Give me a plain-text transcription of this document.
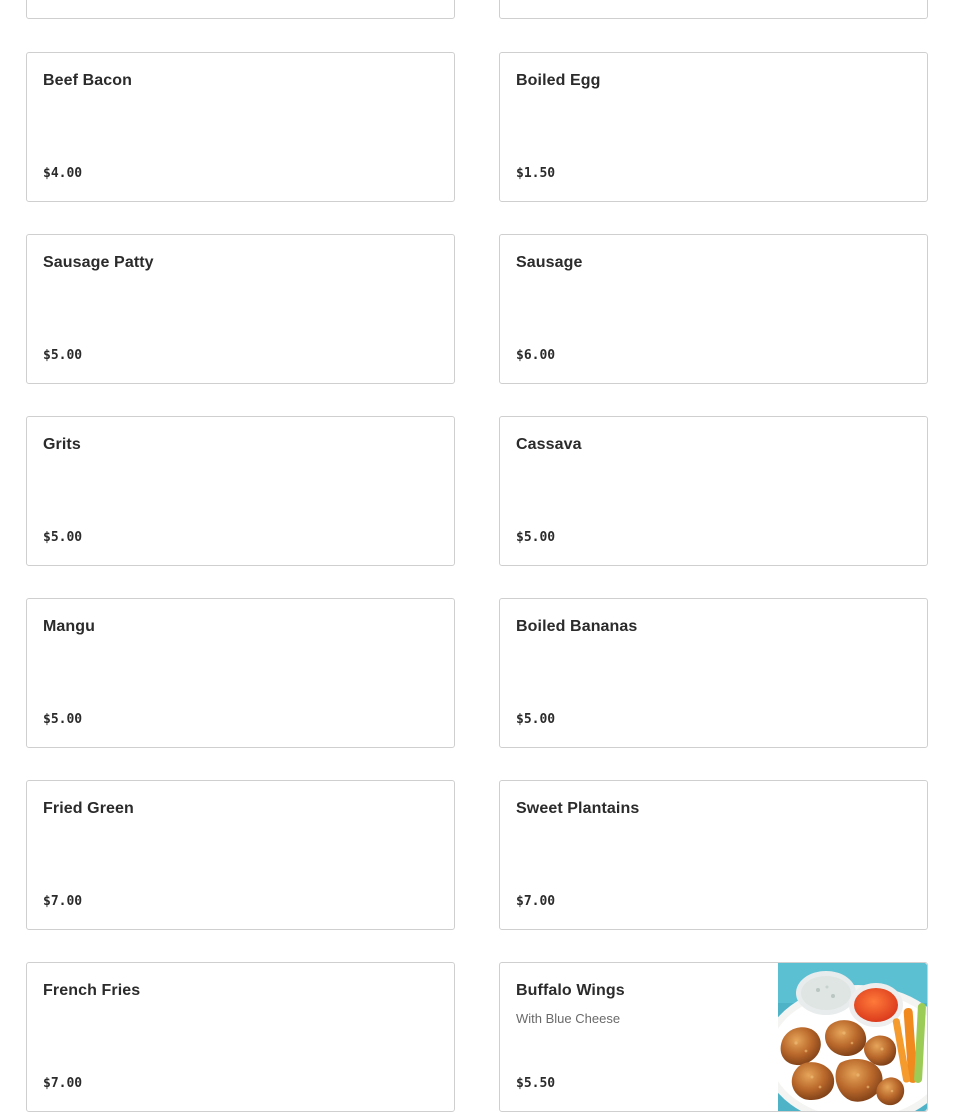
Beef Bacon
$4.00
Boiled Egg
$1.50
Sausage Patty
$5.00
Sausage
$6.00
Grits
$5.00
Cassava
$5.00
Mangu
$5.00
Boiled Bananas
$5.00
Fried Green
$7.00
Sweet Plantains
$7.00
French Fries
$7.00
Buffalo Wings
With Blue Cheese
$5.50
